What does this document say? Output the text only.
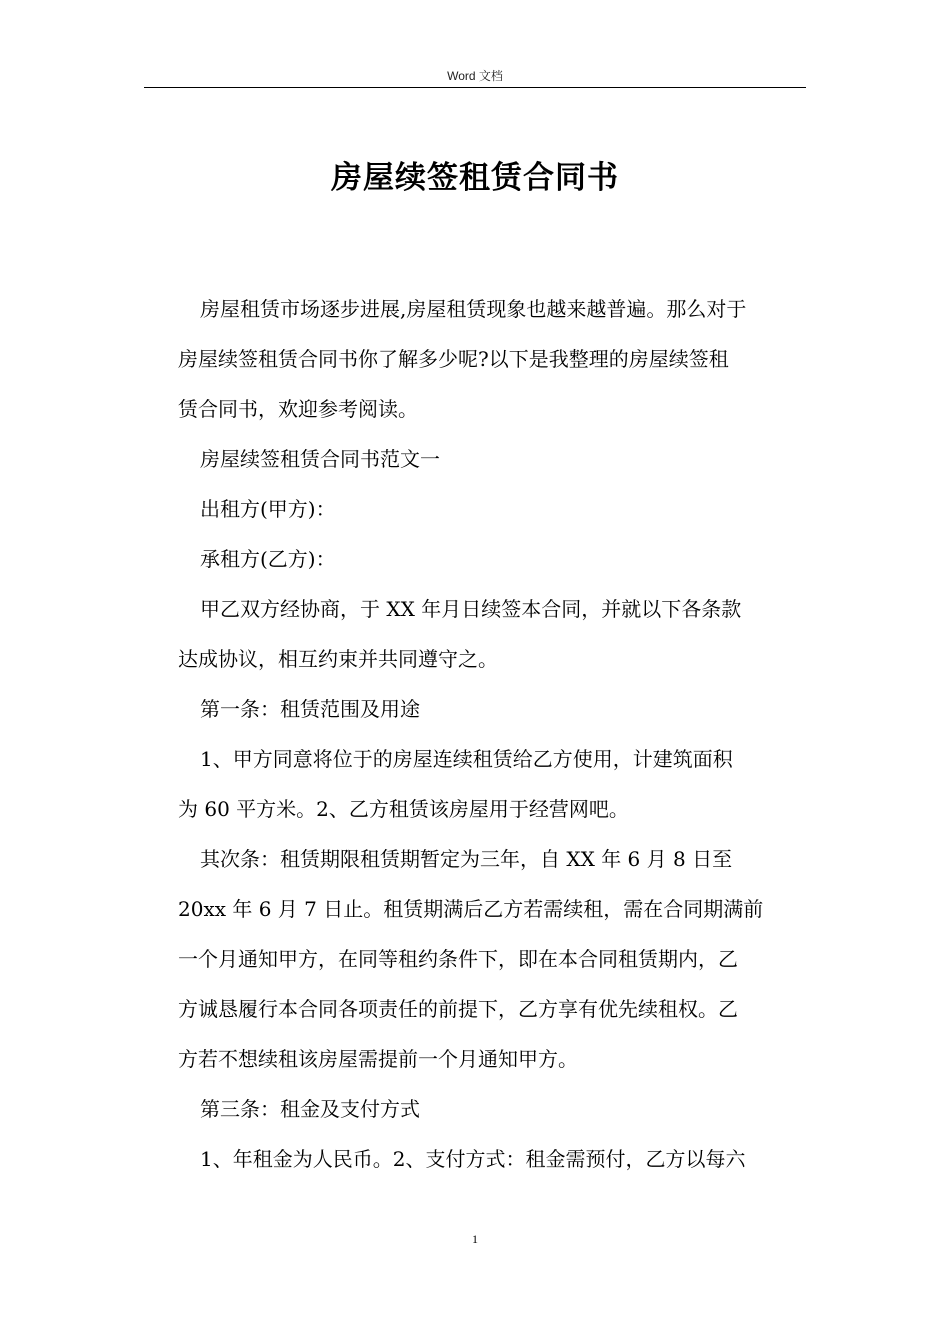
Word 文档
房屋续签租赁合同书

房屋租赁市场逐步进展,房屋租赁现象也越来越普遍。那么对于
房屋续签租赁合同书你了解多少呢?以下是我整理的房屋续签租
赁合同书，欢迎参考阅读。

房屋续签租赁合同书范文一

出租方(甲方)：

承租方(乙方)：

甲乙双方经协商，于 XX 年月日续签本合同，并就以下各条款
达成协议，相互约束并共同遵守之。

第一条：租赁范围及用途

1、甲方同意将位于的房屋连续租赁给乙方使用，计建筑面积
为 60 平方米。2、乙方租赁该房屋用于经营网吧。

其次条：租赁期限租赁期暂定为三年，自 XX 年 6 月 8 日至
20xx 年 6 月 7 日止。租赁期满后乙方若需续租，需在合同期满前
一个月通知甲方，在同等租约条件下，即在本合同租赁期内，乙
方诚恳履行本合同各项责任的前提下，乙方享有优先续租权。乙
方若不想续租该房屋需提前一个月通知甲方。

第三条：租金及支付方式

1、年租金为人民币。2、支付方式：租金需预付，乙方以每六

1
